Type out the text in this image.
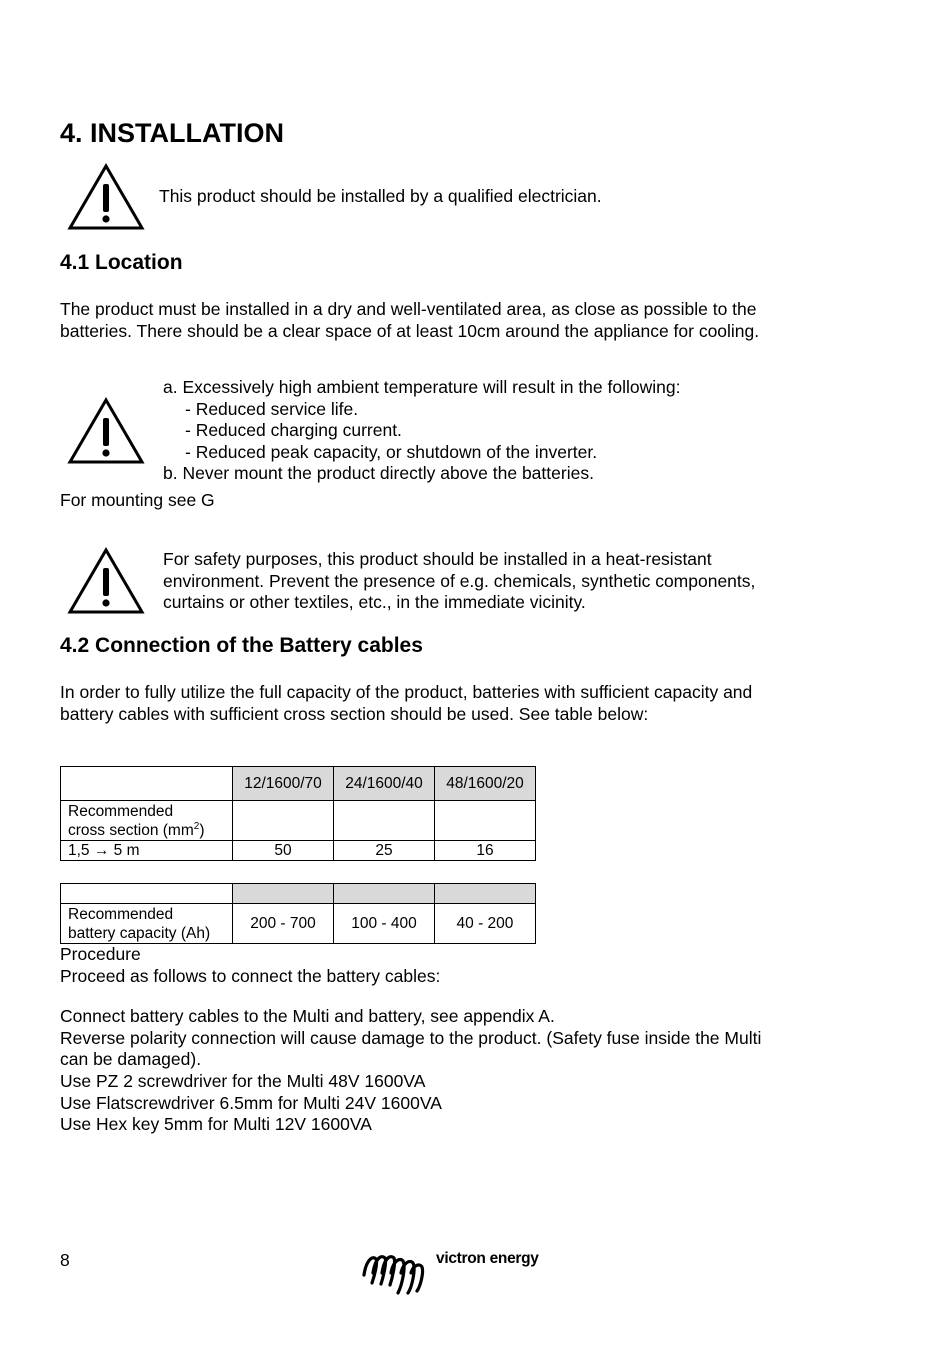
4. INSTALLATION

This product should be installed by a qualified electrician.

4.1 Location

The product must be installed in a dry and well-ventilated area, as close as possible to the

batteries. There should be a clear space of at least 10cm around the appliance for cooling.

a. Excessively high ambient temperature will result in the following:

- Reduced service life.

- Reduced charging current.

- Reduced peak capacity, or shutdown of the inverter.

b. Never mount the product directly above the batteries.

For mounting see G

For safety purposes, this product should be installed in a heat-resistant

environment. Prevent the presence of e.g. chemicals, synthetic components,

curtains or other textiles, etc., in the immediate vicinity.

4.2 Connection of the Battery cables

In order to fully utilize the full capacity of the product, batteries with sufficient capacity and

battery cables with sufficient cross section should be used. See table below:

	12/1600/70	24/1600/40	48/1600/20
Recommended
cross section $(mm^2)$			
1,5 → 5 m	50	25	16

Recommended
battery capacity (Ah)	200 - 700	100 - 400	40 - 200

Procedure

Proceed as follows to connect the battery cables:

Connect battery cables to the Multi and battery, see appendix A.

Reverse polarity connection will cause damage to the product. (Safety fuse inside the Multi

can be damaged).

Use PZ 2 screwdriver for the Multi 48V 1600VA

Use Flatscrewdriver 6.5mm for Multi 24V 1600VA

Use Hex key 5mm for Multi 12V 1600VA

8	victron energy
